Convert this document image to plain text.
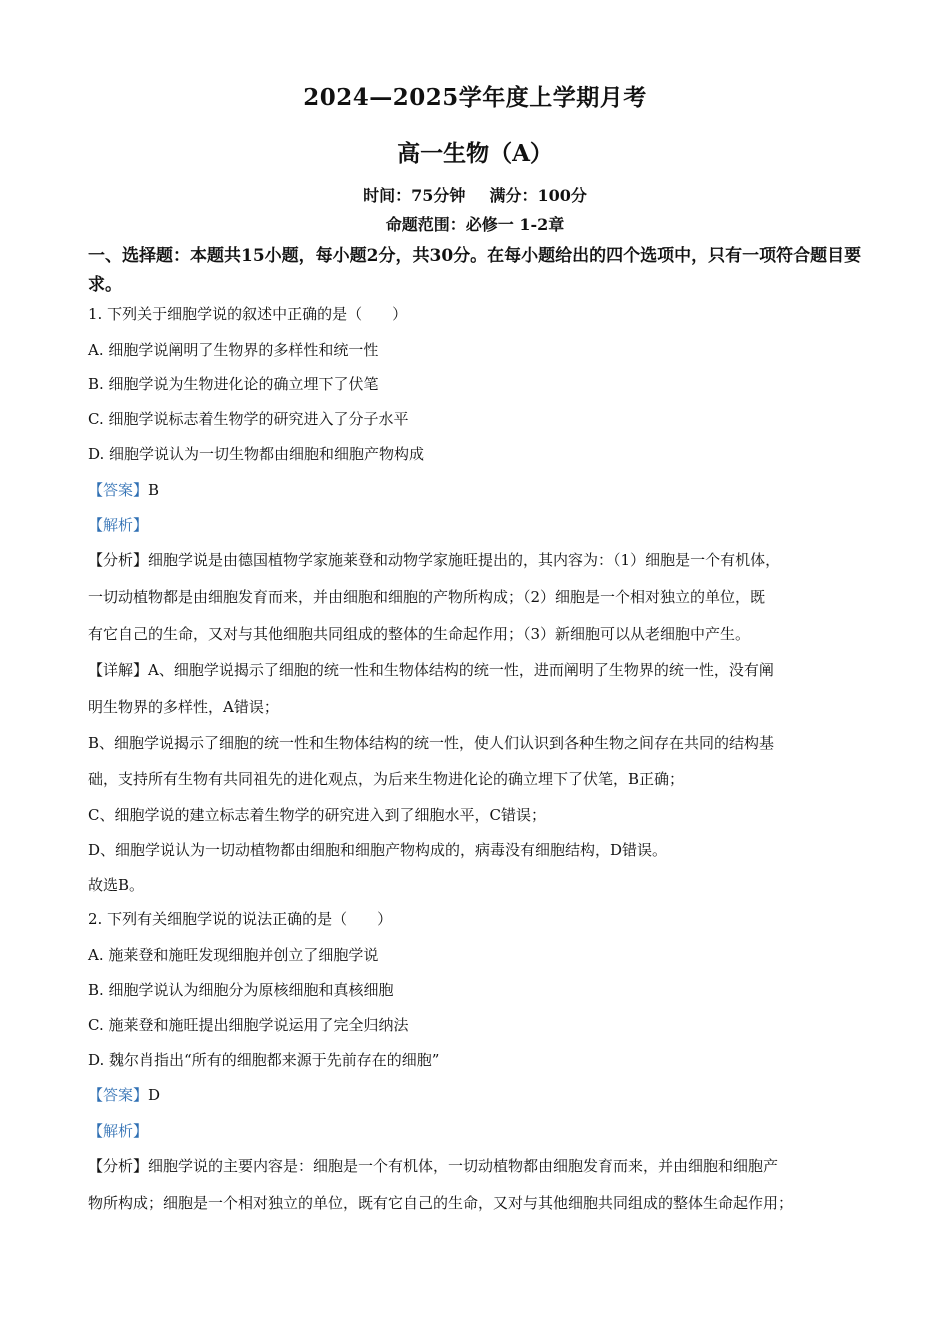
2024—2025学年度上学期月考
高一生物（A）
时间：75分钟 满分：100分
命题范围：必修一 1-2章
一、选择题：本题共15小题，每小题2分，共30分。在每小题给出的四个选项中，只有一项符合题目要求。
1. 下列关于细胞学说的叙述中正确的是（　　）
A. 细胞学说阐明了生物界的多样性和统一性
B. 细胞学说为生物进化论的确立埋下了伏笔
C. 细胞学说标志着生物学的研究进入了分子水平
D. 细胞学说认为一切生物都由细胞和细胞产物构成
【答案】B
【解析】
【分析】细胞学说是由德国植物学家施莱登和动物学家施旺提出的，其内容为：（1）细胞是一个有机体，
一切动植物都是由细胞发育而来，并由细胞和细胞的产物所构成；（2）细胞是一个相对独立的单位，既
有它自己的生命，又对与其他细胞共同组成的整体的生命起作用；（3）新细胞可以从老细胞中产生。
【详解】A、细胞学说揭示了细胞的统一性和生物体结构的统一性，进而阐明了生物界的统一性，没有阐
明生物界的多样性，A错误；
B、细胞学说揭示了细胞的统一性和生物体结构的统一性，使人们认识到各种生物之间存在共同的结构基
础，支持所有生物有共同祖先的进化观点，为后来生物进化论的确立埋下了伏笔，B正确；
C、细胞学说的建立标志着生物学的研究进入到了细胞水平，C错误；
D、细胞学说认为一切动植物都由细胞和细胞产物构成的，病毒没有细胞结构，D错误。
故选B。
2. 下列有关细胞学说的说法正确的是（　　）
A. 施莱登和施旺发现细胞并创立了细胞学说
B. 细胞学说认为细胞分为原核细胞和真核细胞
C. 施莱登和施旺提出细胞学说运用了完全归纳法
D. 魏尔肖指出“所有的细胞都来源于先前存在的细胞”
【答案】D
【解析】
【分析】细胞学说的主要内容是：细胞是一个有机体，一切动植物都由细胞发育而来，并由细胞和细胞产
物所构成；细胞是一个相对独立的单位，既有它自己的生命，又对与其他细胞共同组成的整体生命起作用；
